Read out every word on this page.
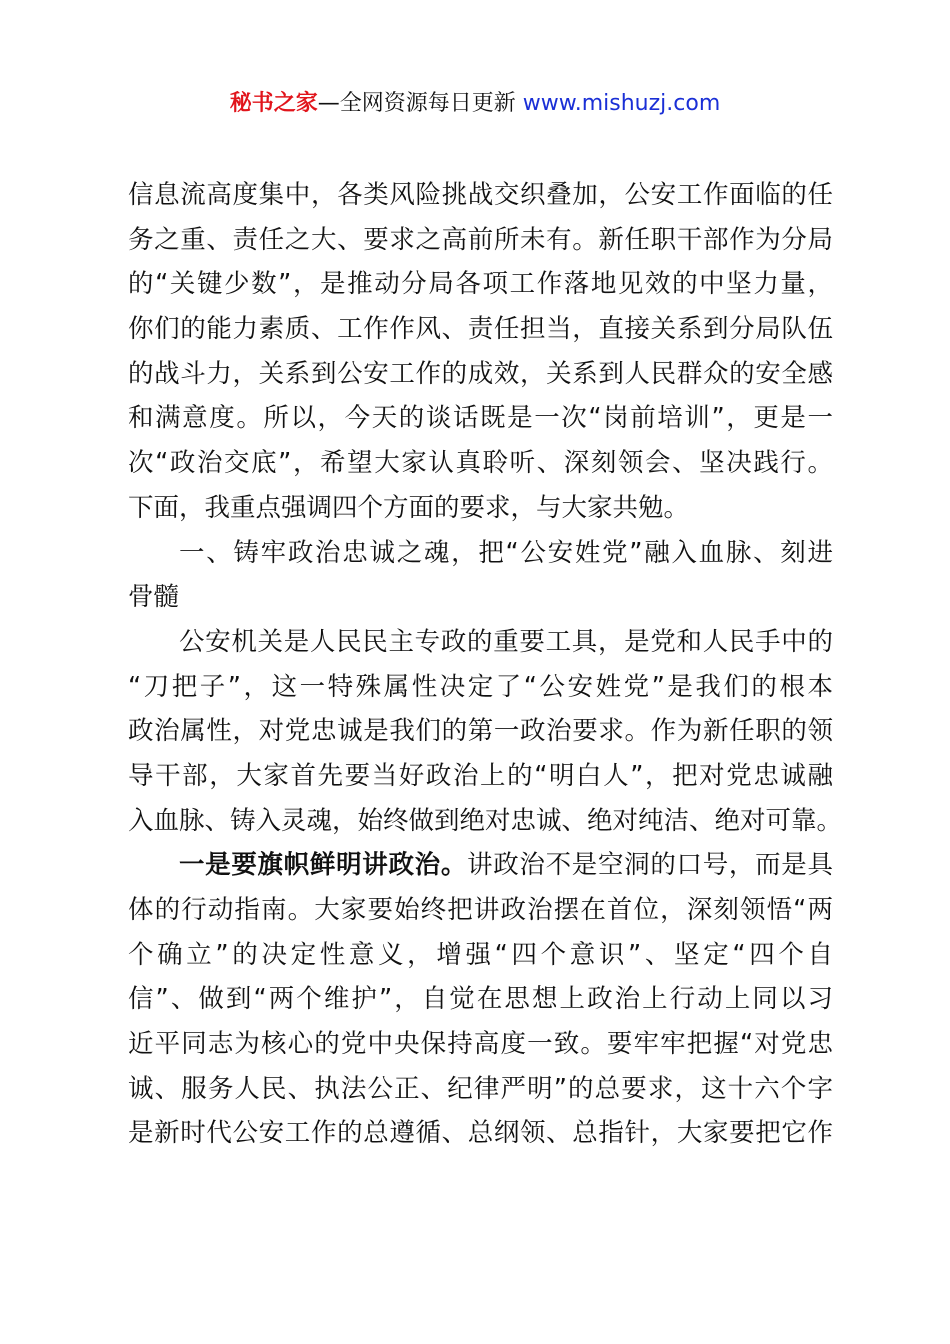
秘书之家—全网资源每日更新 www.mishuzj.com
信息流高度集中，各类风险挑战交织叠加，公安工作面临的任
务之重、责任之大、要求之高前所未有。新任职干部作为分局
的“关键少数”，是推动分局各项工作落地见效的中坚力量，
你们的能力素质、工作作风、责任担当，直接关系到分局队伍
的战斗力，关系到公安工作的成效，关系到人民群众的安全感
和满意度。所以，今天的谈话既是一次“岗前培训”，更是一
次“政治交底”，希望大家认真聆听、深刻领会、坚决践行。
下面，我重点强调四个方面的要求，与大家共勉。
一、铸牢政治忠诚之魂，把“公安姓党”融入血脉、刻进
骨髓
公安机关是人民民主专政的重要工具，是党和人民手中的
“刀把子”，这一特殊属性决定了“公安姓党”是我们的根本
政治属性，对党忠诚是我们的第一政治要求。作为新任职的领
导干部，大家首先要当好政治上的“明白人”，把对党忠诚融
入血脉、铸入灵魂，始终做到绝对忠诚、绝对纯洁、绝对可靠。
一是要旗帜鲜明讲政治。讲政治不是空洞的口号，而是具
体的行动指南。大家要始终把讲政治摆在首位，深刻领悟“两
个确立”的决定性意义，增强“四个意识”、坚定“四个自
信”、做到“两个维护”，自觉在思想上政治上行动上同以习
近平同志为核心的党中央保持高度一致。要牢牢把握“对党忠
诚、服务人民、执法公正、纪律严明”的总要求，这十六个字
是新时代公安工作的总遵循、总纲领、总指针，大家要把它作
